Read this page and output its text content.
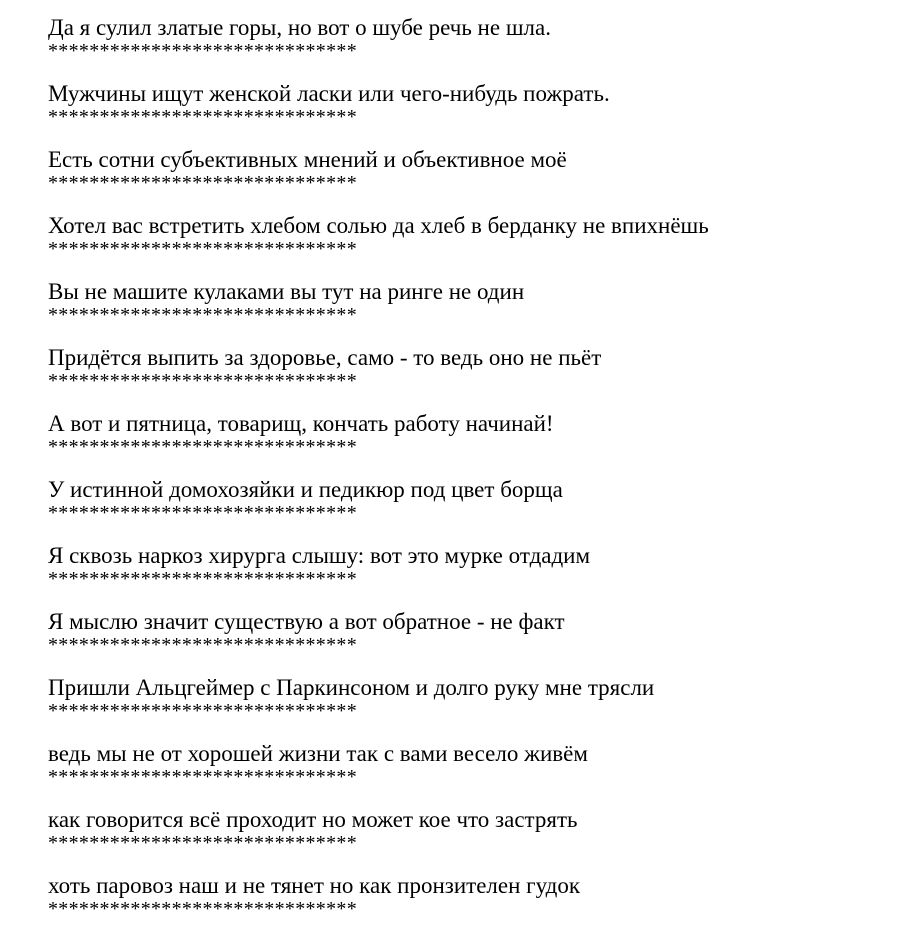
Да я сулил златые горы, но вот о шубе речь не шла.
******************************
Мужчины ищут женской ласки или чего-нибудь пожрать.
******************************
Есть сотни субъективных мнений и объективное моё
******************************
Хотел вас встретить хлебом солью да хлеб в берданку не впихнёшь
******************************
Вы не машите кулаками вы тут на ринге не один
******************************
Придётся выпить за здоровье, само - то ведь оно не пьёт
******************************
А вот и пятница, товарищ, кончать работу начинай!
******************************
У истинной домохозяйки и педикюр под цвет борща
******************************
Я сквозь наркоз хирурга слышу: вот это мурке отдадим
******************************
Я мыслю значит существую а вот обратное - не факт
******************************
Пришли Альцгеймер с Паркинсоном и долго руку мне трясли
******************************
ведь мы не от хорошей жизни так с вами весело живём
******************************
как говорится всё проходит но может кое что застрять
******************************
хоть паровоз наш и не тянет но как пронзителен гудок
******************************
